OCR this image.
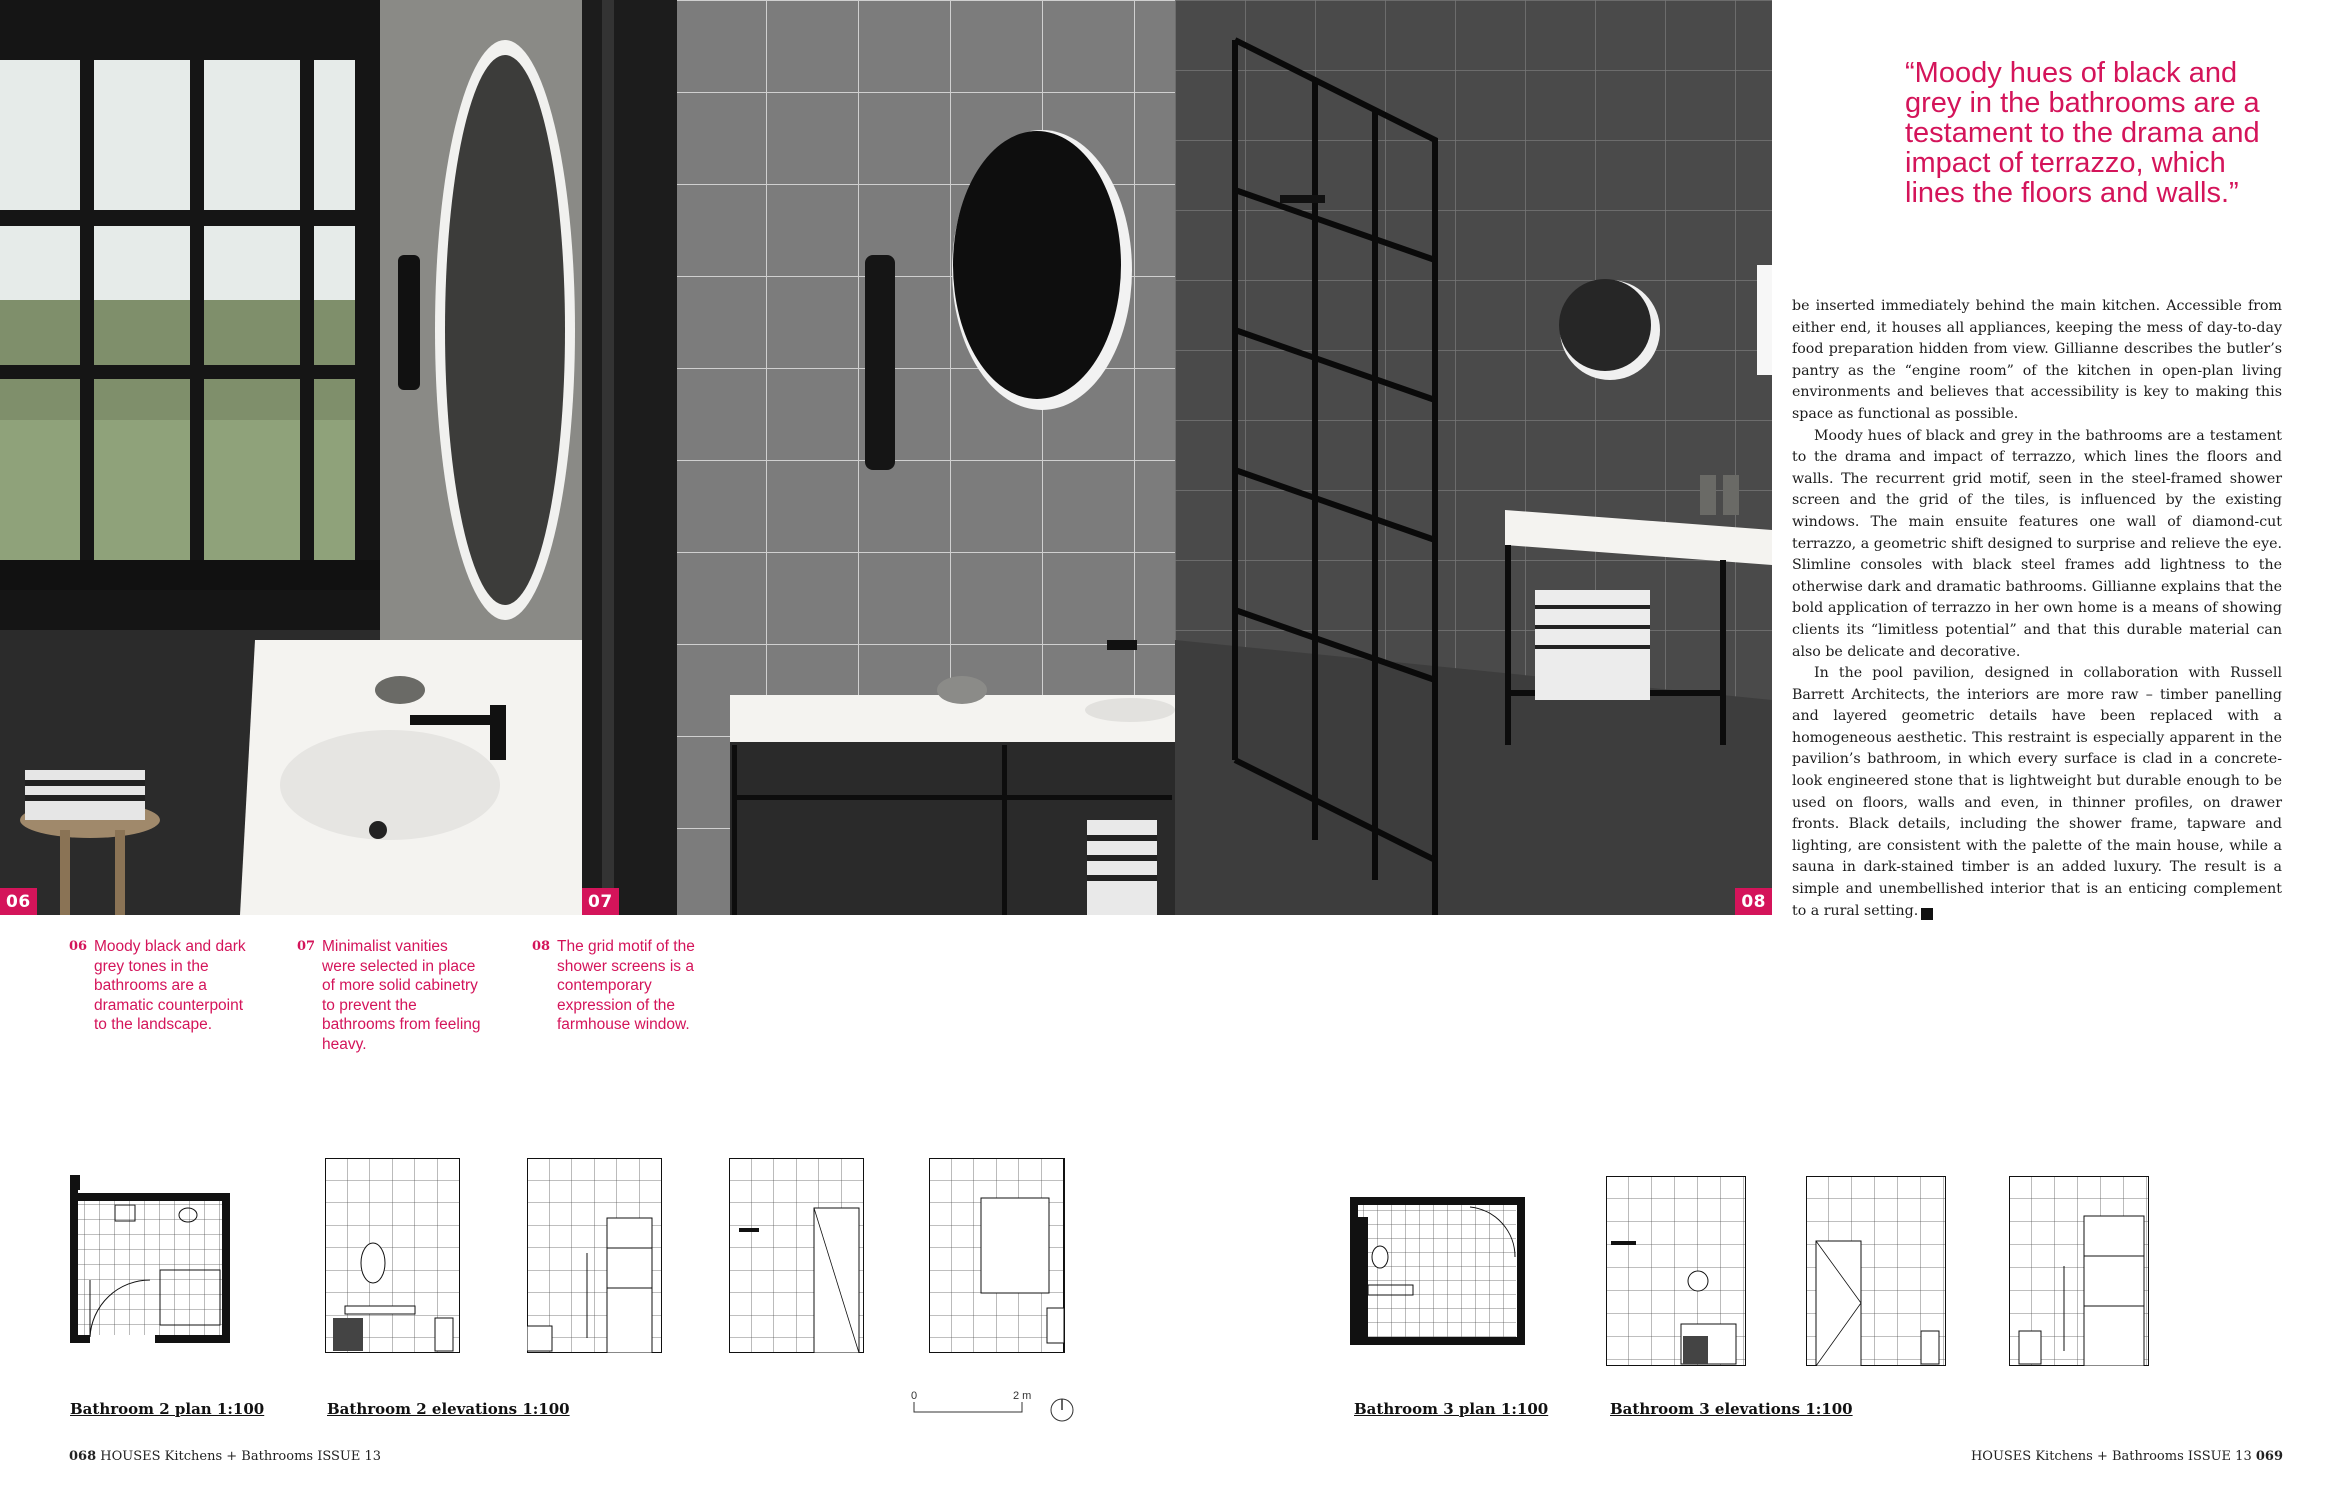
06	07	08
“Moody hues of black and grey in the bathrooms are a testament to the drama and impact of terrazzo, which lines the floors and walls.”

be inserted immediately behind the main kitchen. Accessible from either end, it houses all appliances, keeping the mess of day-to-day food preparation hidden from view. Gillianne describes the butler’s pantry as the “engine room” of the kitchen in open-plan living environments and believes that accessibility is key to making this space as functional as possible.

Moody hues of black and grey in the bathrooms are a testament to the drama and impact of terrazzo, which lines the floors and walls. The recurrent grid motif, seen in the steel-framed shower screen and the grid of the tiles, is influenced by the existing windows. The main ensuite features one wall of diamond-cut terrazzo, a geometric shift designed to surprise and relieve the eye. Slimline consoles with black steel frames add lightness to the otherwise dark and dramatic bathrooms. Gillianne explains that the bold application of terrazzo in her own home is a means of showing clients its “limitless potential” and that this durable material can also be delicate and decorative.

In the pool pavilion, designed in collaboration with Russell Barrett Architects, the interiors are more raw – timber panelling and layered geometric details have been replaced with a homogeneous aesthetic. This restraint is especially apparent in the pavilion’s bathroom, in which every surface is clad in a concrete-look engineered stone that is lightweight but durable enough to be used on floors, walls and even, in thinner profiles, on drawer fronts. Black details, including the shower frame, tapware and lighting, are consistent with the palette of the main house, while a sauna in dark-stained timber is an added luxury. The result is a simple and unembellished interior that is an enticing complement to a rural setting.	H

06 Moody black and dark grey tones in the bathrooms are a dramatic counterpoint to the landscape.
07 Minimalist vanities were selected in place of more solid cabinetry to prevent the bathrooms from feeling heavy.
08 The grid motif of the shower screens is a contemporary expression of the farmhouse window.
0	2 m
Bathroom 2 plan 1:100	Bathroom 2 elevations 1:100	Bathroom 3 plan 1:100	Bathroom 3 elevations 1:100
068 HOUSES Kitchens + Bathrooms ISSUE 13	HOUSES Kitchens + Bathrooms ISSUE 13 069
